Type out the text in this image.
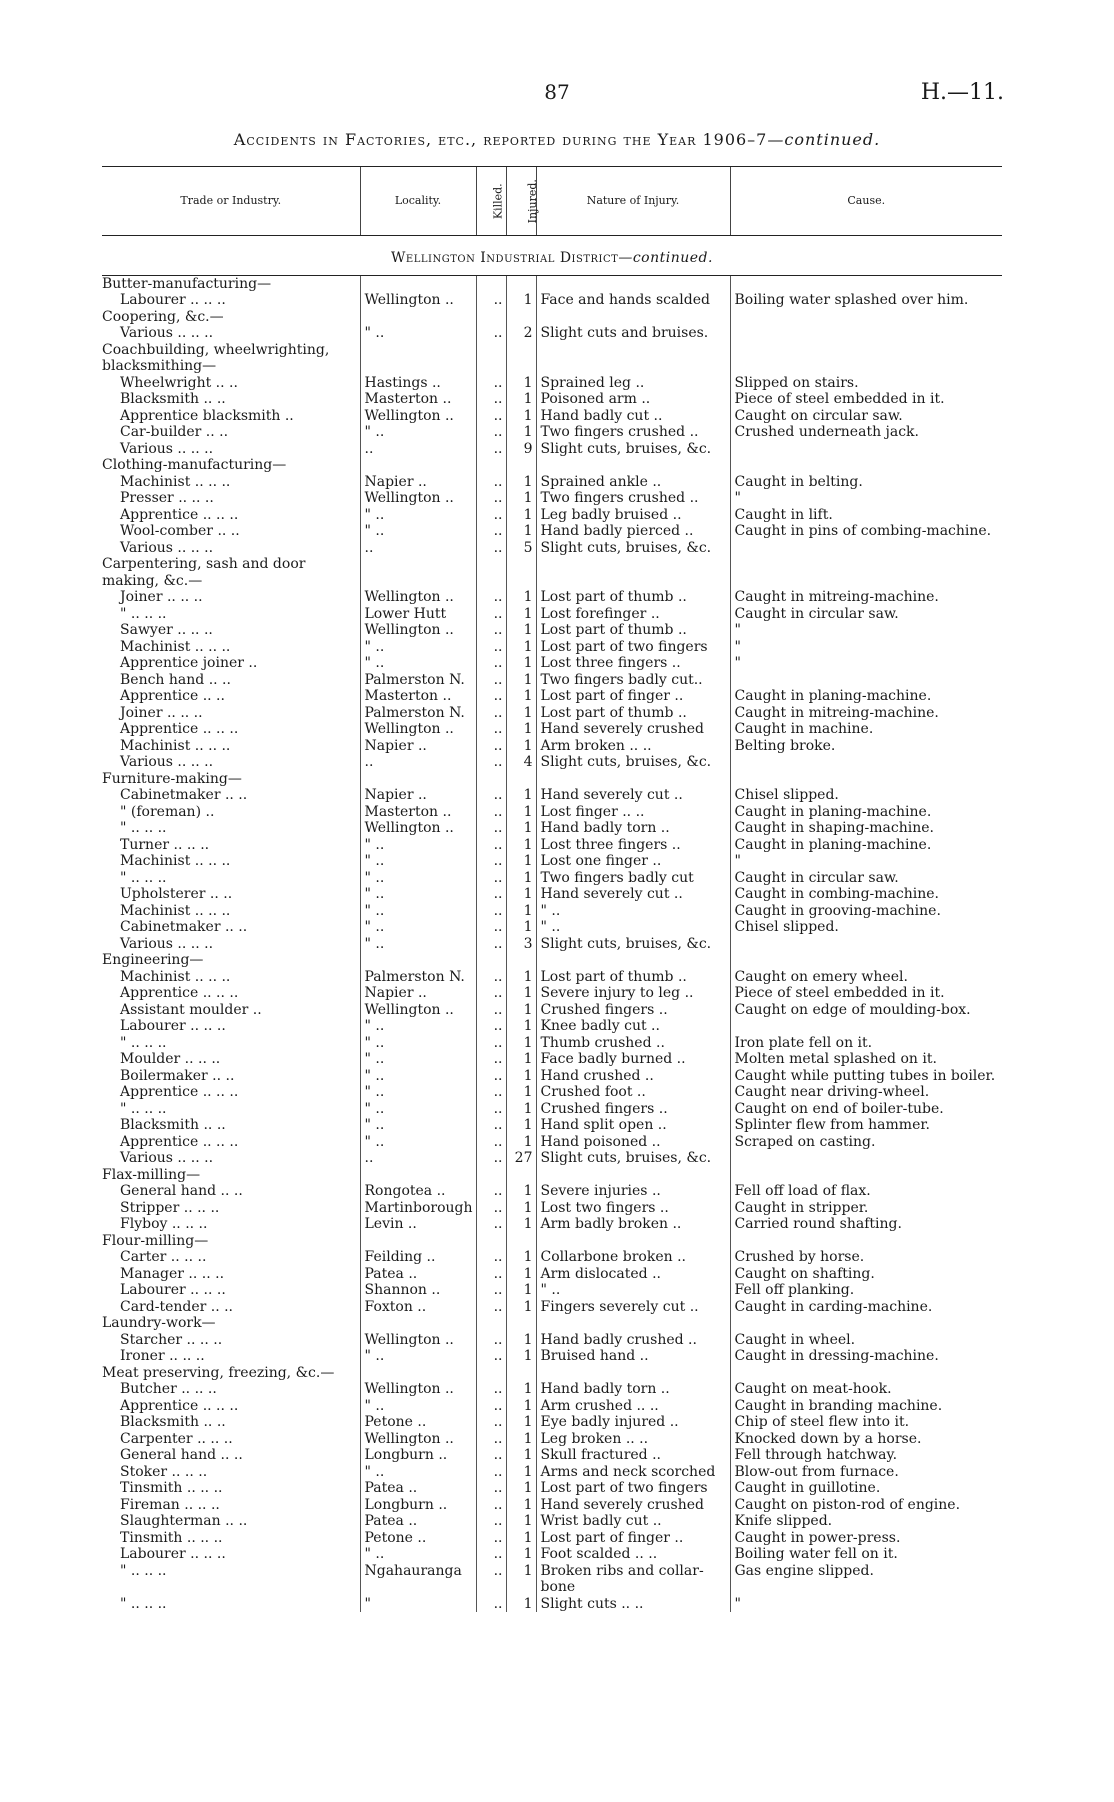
87	H.—11.
Accidents in Factories, etc., reported during the Year 1906–7—continued.
Trade or Industry.	Locality.	Killed.	Injured.	Nature of Injury.	Cause.
Wellington Industrial District—continued.					
Butter-manufacturing—					
Labourer .. .. ..	Wellington ..	..	1	Face and hands scalded	Boiling water splashed over him.
Coopering, &c.—					
Various .. .. ..	" ..	..	2	Slight cuts and bruises.	
Coachbuilding, wheelwrighting, blacksmithing—					
Wheelwright .. ..	Hastings ..	..	1	Sprained leg ..	Slipped on stairs.
Blacksmith .. ..	Masterton ..	..	1	Poisoned arm ..	Piece of steel embedded in it.
Apprentice blacksmith ..	Wellington ..	..	1	Hand badly cut ..	Caught on circular saw.
Car-builder .. ..	" ..	..	1	Two fingers crushed ..	Crushed underneath jack.
Various .. .. ..	..	..	9	Slight cuts, bruises, &c.	
Clothing-manufacturing—					
Machinist .. .. ..	Napier ..	..	1	Sprained ankle ..	Caught in belting.
Presser .. .. ..	Wellington ..	..	1	Two fingers crushed ..	"
Apprentice .. .. ..	" ..	..	1	Leg badly bruised ..	Caught in lift.
Wool-comber .. ..	" ..	..	1	Hand badly pierced ..	Caught in pins of combing-machine.
Various .. .. ..	..	..	5	Slight cuts, bruises, &c.	
Carpentering, sash and door making, &c.—					
Joiner .. .. ..	Wellington ..	..	1	Lost part of thumb ..	Caught in mitreing-machine.
" .. .. ..	Lower Hutt	..	1	Lost forefinger ..	Caught in circular saw.
Sawyer .. .. ..	Wellington ..	..	1	Lost part of thumb ..	"
Machinist .. .. ..	" ..	..	1	Lost part of two fingers	"
Apprentice joiner ..	" ..	..	1	Lost three fingers ..	"
Bench hand .. ..	Palmerston N.	..	1	Two fingers badly cut..	
Apprentice .. ..	Masterton ..	..	1	Lost part of finger ..	Caught in planing-machine.
Joiner .. .. ..	Palmerston N.	..	1	Lost part of thumb ..	Caught in mitreing-machine.
Apprentice .. .. ..	Wellington ..	..	1	Hand severely crushed	Caught in machine.
Machinist .. .. ..	Napier ..	..	1	Arm broken .. ..	Belting broke.
Various .. .. ..	..	..	4	Slight cuts, bruises, &c.	
Furniture-making—					
Cabinetmaker .. ..	Napier ..	..	1	Hand severely cut ..	Chisel slipped.
" (foreman) ..	Masterton ..	..	1	Lost finger .. ..	Caught in planing-machine.
" .. .. ..	Wellington ..	..	1	Hand badly torn ..	Caught in shaping-machine.
Turner .. .. ..	" ..	..	1	Lost three fingers ..	Caught in planing-machine.
Machinist .. .. ..	" ..	..	1	Lost one finger ..	"
" .. .. ..	" ..	..	1	Two fingers badly cut	Caught in circular saw.
Upholsterer .. ..	" ..	..	1	Hand severely cut ..	Caught in combing-machine.
Machinist .. .. ..	" ..	..	1	" ..	Caught in grooving-machine.
Cabinetmaker .. ..	" ..	..	1	" ..	Chisel slipped.
Various .. .. ..	" ..	..	3	Slight cuts, bruises, &c.	
Engineering—					
Machinist .. .. ..	Palmerston N.	..	1	Lost part of thumb ..	Caught on emery wheel.
Apprentice .. .. ..	Napier ..	..	1	Severe injury to leg ..	Piece of steel embedded in it.
Assistant moulder ..	Wellington ..	..	1	Crushed fingers ..	Caught on edge of moulding-box.
Labourer .. .. ..	" ..	..	1	Knee badly cut ..	
" .. .. ..	" ..	..	1	Thumb crushed ..	Iron plate fell on it.
Moulder .. .. ..	" ..	..	1	Face badly burned ..	Molten metal splashed on it.
Boilermaker .. ..	" ..	..	1	Hand crushed ..	Caught while putting tubes in boiler.
Apprentice .. .. ..	" ..	..	1	Crushed foot ..	Caught near driving-wheel.
" .. .. ..	" ..	..	1	Crushed fingers ..	Caught on end of boiler-tube.
Blacksmith .. ..	" ..	..	1	Hand split open ..	Splinter flew from hammer.
Apprentice .. .. ..	" ..	..	1	Hand poisoned ..	Scraped on casting.
Various .. .. ..	..	..	27	Slight cuts, bruises, &c.	
Flax-milling—					
General hand .. ..	Rongotea ..	..	1	Severe injuries ..	Fell off load of flax.
Stripper .. .. ..	Martinborough	..	1	Lost two fingers ..	Caught in stripper.
Flyboy .. .. ..	Levin ..	..	1	Arm badly broken ..	Carried round shafting.
Flour-milling—					
Carter .. .. ..	Feilding ..	..	1	Collarbone broken ..	Crushed by horse.
Manager .. .. ..	Patea ..	..	1	Arm dislocated ..	Caught on shafting.
Labourer .. .. ..	Shannon ..	..	1	" ..	Fell off planking.
Card-tender .. ..	Foxton ..	..	1	Fingers severely cut ..	Caught in carding-machine.
Laundry-work—					
Starcher .. .. ..	Wellington ..	..	1	Hand badly crushed ..	Caught in wheel.
Ironer .. .. ..	" ..	..	1	Bruised hand ..	Caught in dressing-machine.
Meat preserving, freezing, &c.—					
Butcher .. .. ..	Wellington ..	..	1	Hand badly torn ..	Caught on meat-hook.
Apprentice .. .. ..	" ..	..	1	Arm crushed .. ..	Caught in branding machine.
Blacksmith .. ..	Petone ..	..	1	Eye badly injured ..	Chip of steel flew into it.
Carpenter .. .. ..	Wellington ..	..	1	Leg broken .. ..	Knocked down by a horse.
General hand .. ..	Longburn ..	..	1	Skull fractured ..	Fell through hatchway.
Stoker .. .. ..	" ..	..	1	Arms and neck scorched	Blow-out from furnace.
Tinsmith .. .. ..	Patea ..	..	1	Lost part of two fingers	Caught in guillotine.
Fireman .. .. ..	Longburn ..	..	1	Hand severely crushed	Caught on piston-rod of engine.
Slaughterman .. ..	Patea ..	..	1	Wrist badly cut ..	Knife slipped.
Tinsmith .. .. ..	Petone ..	..	1	Lost part of finger ..	Caught in power-press.
Labourer .. .. ..	" ..	..	1	Foot scalded .. ..	Boiling water fell on it.
" .. .. ..	Ngahauranga	..	1	Broken ribs and collar-bone	Gas engine slipped.
" .. .. ..	"	..	1	Slight cuts .. ..	"
